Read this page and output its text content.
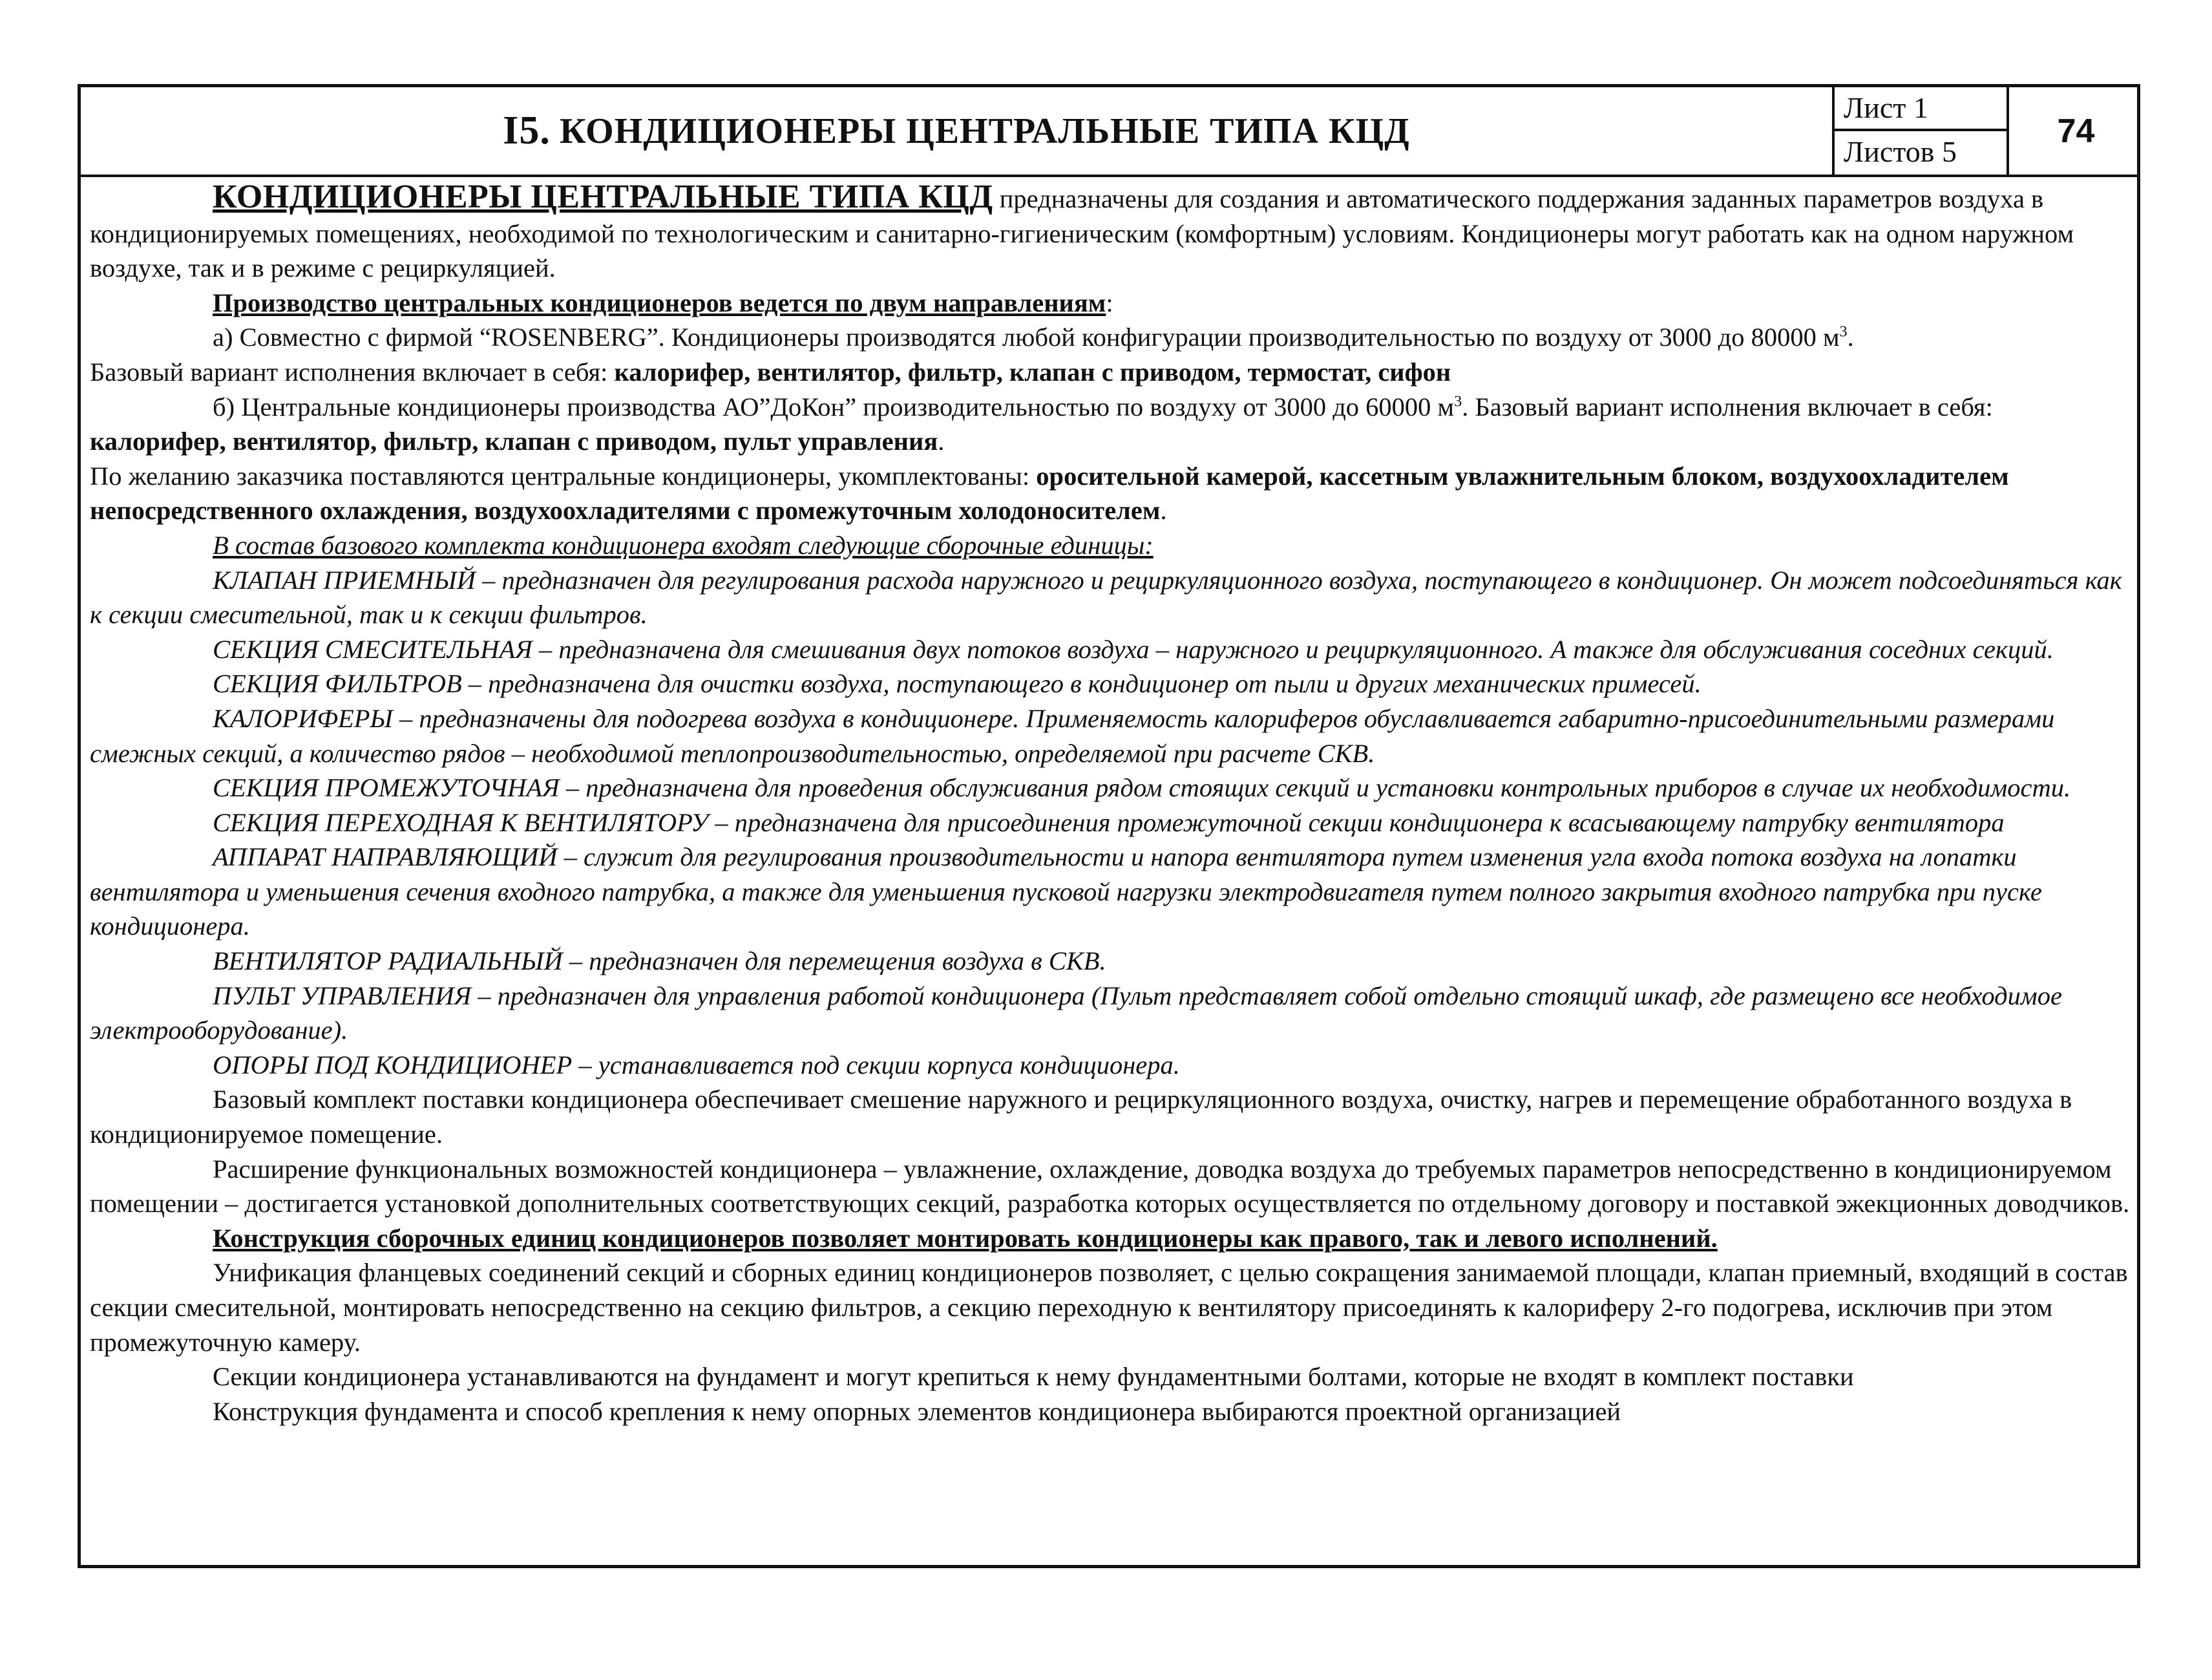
I5. КОНДИЦИОНЕРЫ ЦЕНТРАЛЬНЫЕ ТИПА КЦД
Лист 1
Листов 5
74

КОНДИЦИОНЕРЫ ЦЕНТРАЛЬНЫЕ ТИПА КЦД предназначены для создания и автоматического поддержания заданных параметров воздуха в кондиционируемых помещениях, необходимой по технологическим и санитарно-гигиеническим (комфортным) условиям. Кондиционеры могут работать как на одном наружном воздухе, так и в режиме с рециркуляцией.

Производство центральных кондиционеров ведется по двум направлениям:

а) Совместно с фирмой “ROSENBERG”. Кондиционеры производятся любой конфигурации производительностью по воздуху от 3000 до 80000 $м^3$.
Базовый вариант исполнения включает в себя: калорифер, вентилятор, фильтр, клапан с приводом, термостат, сифон

б) Центральные кондиционеры производства АО”ДоКон” производительностью по воздуху от 3000 до 60000 $м^3$. Базовый вариант исполнения включает в себя: калорифер, вентилятор, фильтр, клапан с приводом, пульт управления.

По желанию заказчика поставляются центральные кондиционеры, укомплектованы: оросительной камерой, кассетным увлажнительным блоком, воздухоохладителем непосредственного охлаждения, воздухоохладителями с промежуточным холодоносителем.

В состав базового комплекта кондиционера входят следующие сборочные единицы:

КЛАПАН ПРИЕМНЫЙ – предназначен для регулирования расхода наружного и рециркуляционного воздуха, поступающего в кондиционер. Он может подсоединяться как к секции смесительной, так и к секции фильтров.

СЕКЦИЯ СМЕСИТЕЛЬНАЯ – предназначена для смешивания двух потоков воздуха – наружного и рециркуляционного. А также для обслуживания соседних секций.

СЕКЦИЯ ФИЛЬТРОВ – предназначена для очистки воздуха, поступающего в кондиционер от пыли и других механических примесей.

КАЛОРИФЕРЫ – предназначены для подогрева воздуха в кондиционере. Применяемость калориферов обуславливается габаритно-присоединительными размерами смежных секций, а количество рядов – необходимой теплопроизводительностью, определяемой при расчете СКВ.

СЕКЦИЯ ПРОМЕЖУТОЧНАЯ – предназначена для проведения обслуживания рядом стоящих секций и установки контрольных приборов в случае их необходимости.

СЕКЦИЯ ПЕРЕХОДНАЯ К ВЕНТИЛЯТОРУ – предназначена для присоединения промежуточной секции кондиционера к всасывающему патрубку вентилятора

АППАРАТ НАПРАВЛЯЮЩИЙ – служит для регулирования производительности и напора вентилятора путем изменения угла входа потока воздуха на лопатки вентилятора и уменьшения сечения входного патрубка, а также для уменьшения пусковой нагрузки электродвигателя путем полного закрытия входного патрубка при пуске кондиционера.

ВЕНТИЛЯТОР РАДИАЛЬНЫЙ – предназначен для перемещения воздуха в СКВ.

ПУЛЬТ УПРАВЛЕНИЯ – предназначен для управления работой кондиционера (Пульт представляет собой отдельно стоящий шкаф, где размещено все необходимое электрооборудование).

ОПОРЫ ПОД КОНДИЦИОНЕР – устанавливается под секции корпуса кондиционера.

Базовый комплект поставки кондиционера обеспечивает смешение наружного и рециркуляционного воздуха, очистку, нагрев и перемещение обработанного воздуха в кондиционируемое помещение.

Расширение функциональных возможностей кондиционера – увлажнение, охлаждение, доводка воздуха до требуемых параметров непосредственно в кондиционируемом помещении – достигается установкой дополнительных соответствующих секций, разработка которых осуществляется по отдельному договору и поставкой эжекционных доводчиков.

Конструкция сборочных единиц кондиционеров позволяет монтировать кондиционеры как правого, так и левого исполнений.

Унификация фланцевых соединений секций и сборных единиц кондиционеров позволяет, с целью сокращения занимаемой площади, клапан приемный, входящий в состав секции смесительной, монтировать непосредственно на секцию фильтров, а секцию переходную к вентилятору присоединять к калориферу 2-го подогрева, исключив при этом промежуточную камеру.

Секции кондиционера устанавливаются на фундамент и могут крепиться к нему фундаментными болтами, которые не входят в комплект поставки

Конструкция фундамента и способ крепления к нему опорных элементов кондиционера выбираются проектной организацией
